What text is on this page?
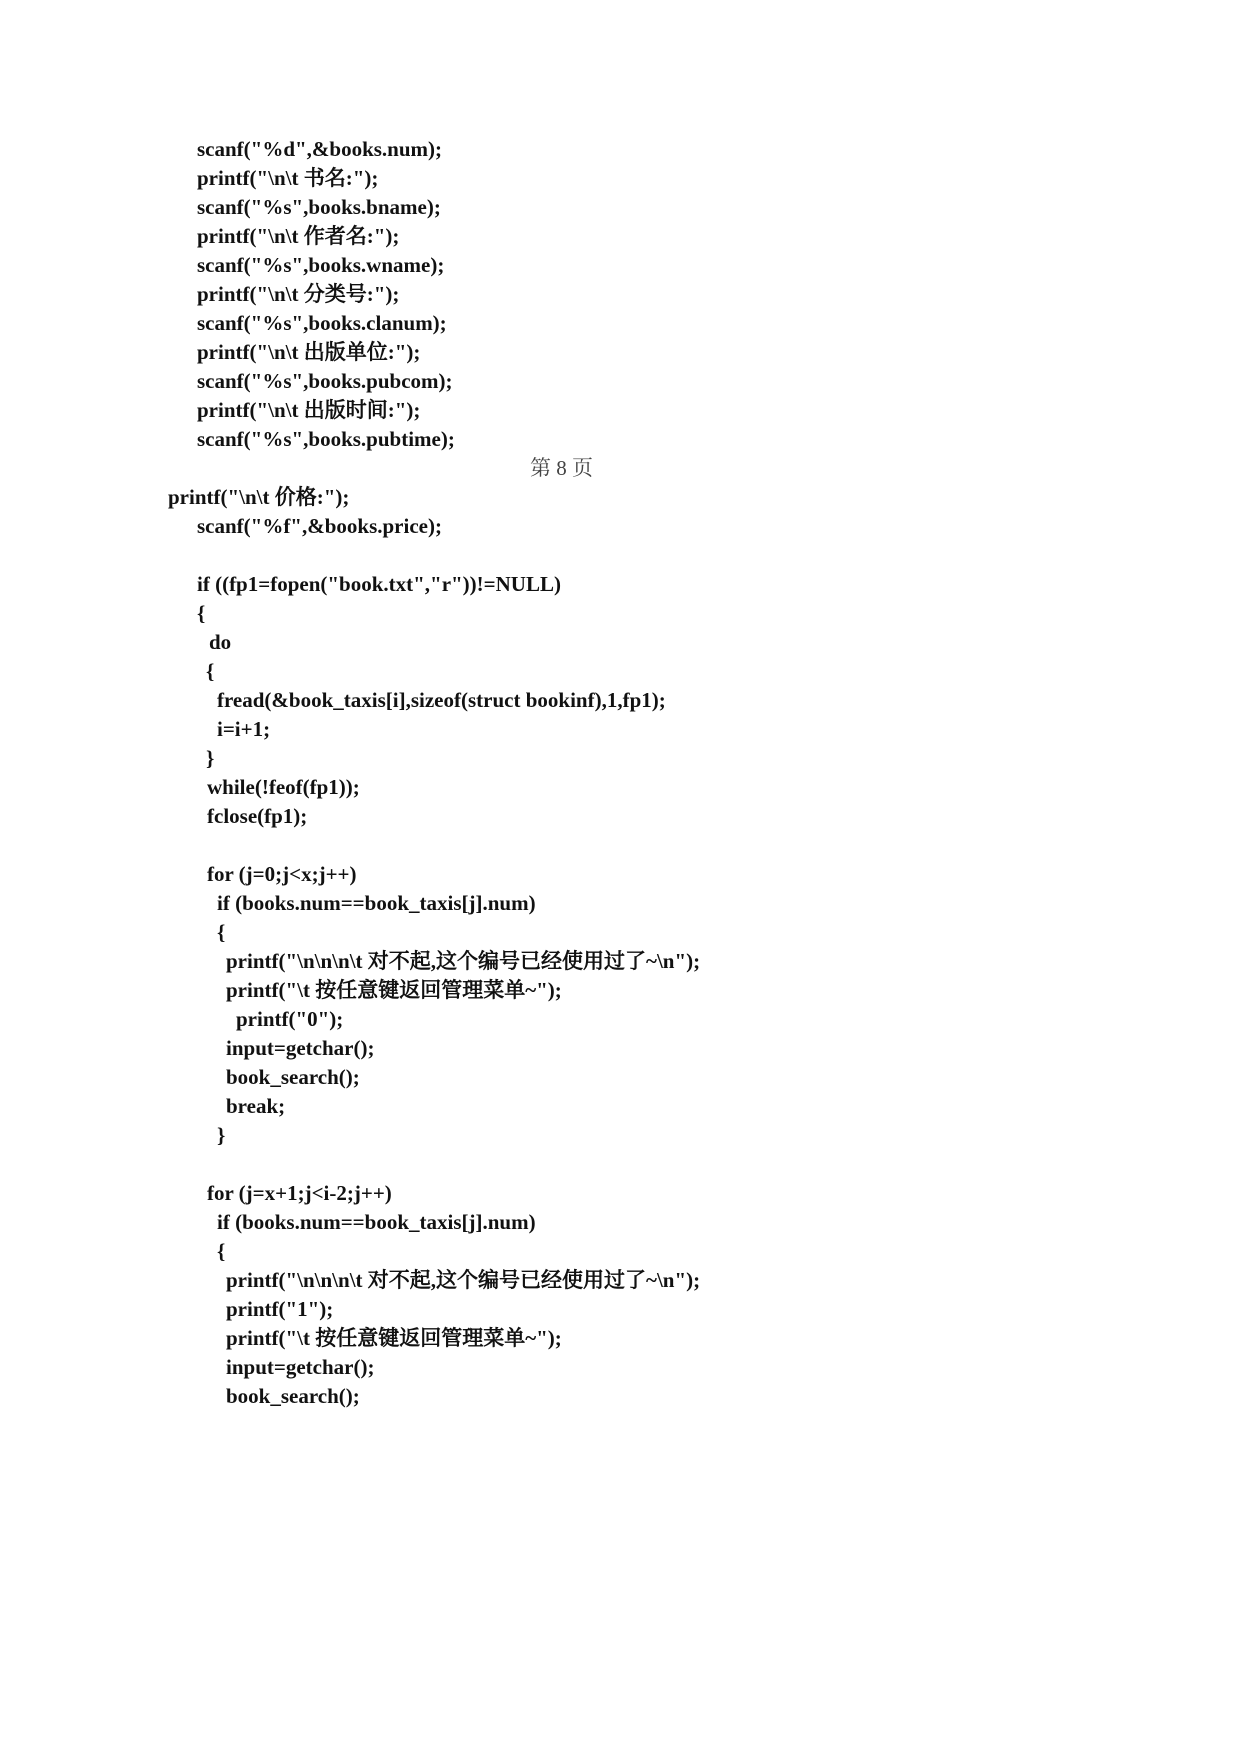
scanf("%d",&books.num);
printf("\n\t 书名:");
scanf("%s",books.bname);
printf("\n\t 作者名:");
scanf("%s",books.wname);
printf("\n\t 分类号:");
scanf("%s",books.clanum);
printf("\n\t 出版单位:");
scanf("%s",books.pubcom);
printf("\n\t 出版时间:");
scanf("%s",books.pubtime);
第 8 页
printf("\n\t 价格:");
scanf("%f",&books.price);
if ((fp1=fopen("book.txt","r"))!=NULL)
{
do
{
fread(&book_taxis[i],sizeof(struct bookinf),1,fp1);
i=i+1;
}
while(!feof(fp1));
fclose(fp1);
for (j=0;j<x;j++)
if (books.num==book_taxis[j].num)
{
printf("\n\n\n\t 对不起,这个编号已经使用过了~\n");
printf("\t 按任意键返回管理菜单~");
printf("0");
input=getchar();
book_search();
break;
}
for (j=x+1;j<i-2;j++)
if (books.num==book_taxis[j].num)
{
printf("\n\n\n\t 对不起,这个编号已经使用过了~\n");
printf("1");
printf("\t 按任意键返回管理菜单~");
input=getchar();
book_search();
